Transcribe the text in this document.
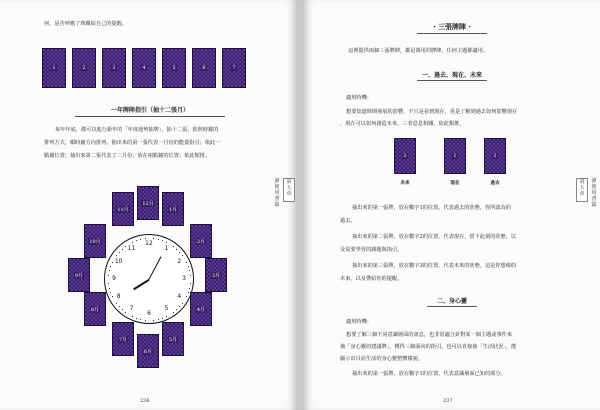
何，是否呼應了理藏給自己的提醒。
一年牌陣指引（抽十二張月）
每年年底，都可以進行新年的「年度運勢抽牌」，抽十二張，依照時鐘的
排列方式，順時鐘方向排列。抽出來的第一張代表一月份的能量指引；依此一
點鐘位置；抽出來第二張代表了二月份，放在兩點鐘的位置；依此類推。
12
1
2
3
4
5
6
7
8
9
10
11
236
讀
使
用
書
篇
第
五
章
1	2	3	4	5	6	7
1月
2月
3月
4月
5月
6月
7月
8月
9月
10月
11月
12月
・三張牌陣・
這裡提供兩個三張牌陣，都是萬用的牌陣，任何主題都適用。
一、過去、現在、未來
適用時機：
想要知道時間發展的影響，不只是看到現在，更是了解到過去如何影響現在
，現在可以如何創造未來。三者息息相關，依此類推。
抽出來的第一張牌，放在數字1的位置，代表過去的狀態，你所認為的
過去。
抽出來的第二張牌，放在數字2的位置，代表現在，當下此刻的狀態，以
及需要學習的課題與指引。
抽出來的第三張牌，放在數字3的位置，代表未來的狀態，這是你想像的
未來，以及帶給你的提醒。
二、身心靈
適用時機：
想要了解三個不同意識層面的訊息，也非常適合針對某一個主題或事件來
抽「身心靈的建議牌」，獲得三個面向的指引。也可以直接抽「生活狀況」，能
顯示出目前生活的身心靈整體樣貌。
抽出來的第一張牌，放在數字1的位置，代表意識層面已知的部分。
237
第
五
章
讀
使
用
書
篇
3
未來
1
現在
2
過去
